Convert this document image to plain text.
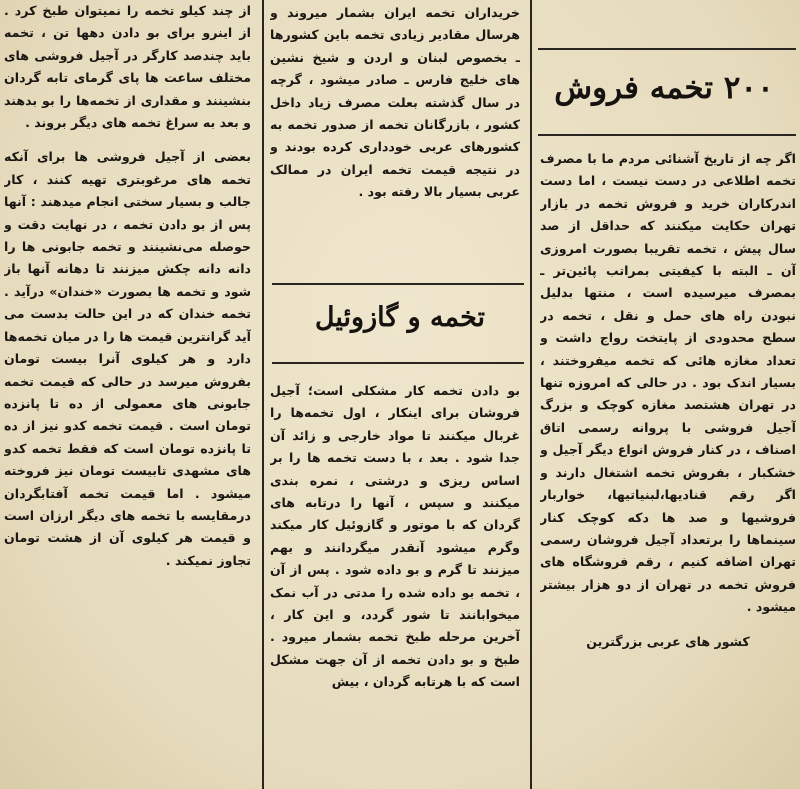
از چند کیلو تخمه را نمیتوان طبخ کرد . از اینرو برای بو دادن دهها تن ، تخمه باید چندصد کارگر در آجیل فروشی های مختلف ساعت ها پای گرمای تابه گردان بنشینند و مقداری از تخمه‌ها را بو بدهند و بعد به سراغ تخمه های دیگر بروند .

بعضی از آجیل فروشی ها برای آنکه تخمه های مرغوبتری تهیه کنند ، کار جالب و بسیار سختی انجام میدهند : آنها پس از بو دادن تخمه ، در نهایت دقت و حوصله می‌نشینند و تخمه جابونی ها را دانه دانه چکش میزنند تا دهانه آنها باز شود و تخمه ها بصورت «خندان» درآید . تخمه خندان که در این حالت بدست می آید گرانترین قیمت ها را در میان تخمه‌ها دارد و هر کیلوی آنرا بیست تومان بفروش میرسد در حالی که قیمت تخمه جابونی های معمولی از ده تا پانزده تومان است . قیمت تخمه کدو نیز از ده تا پانزده تومان است که فقط تخمه کدو های مشهدی تابیست تومان نیز فروخته میشود . اما قیمت تخمه آفتابگردان درمقایسه با تخمه های دیگر ارزان است و قیمت هر کیلوی آن از هشت تومان تجاوز نمیکند .

خریداران تخمه ایران بشمار میروند و هرسال مقادیر زیادی تخمه باین کشورها ـ بخصوص لبنان و اردن و شیخ نشین های خلیج فارس ـ صادر میشود ، گرچه در سال گذشته بعلت مصرف زیاد داخل کشور ، بازرگانان تخمه از صدور تخمه به کشورهای عربی خودداری کرده بودند و در نتیجه قیمت تخمه ایران در ممالک عربی بسیار بالا رفته بود .

تخمه و گازوئیل

بو دادن تخمه کار مشکلی است؛ آجیل فروشان برای اینکار ، اول تخمه‌ها را غربال میکنند تا مواد خارجی و زائد آن جدا شود . بعد ، با دست تخمه ها را بر اساس ریزی و درشتی ، نمره بندی میکنند و سپس ، آنها را درتابه های گردان که با موتور و گازوئیل کار میکند وگرم میشود آنقدر میگردانند و بهم میزنند تا گرم و بو داده شود . پس از آن ، تخمه بو داده شده را مدتی در آب نمک میخوابانند تا شور گردد، و این کار ، آخرین مرحله طبخ تخمه بشمار میرود . طبخ و بو دادن تخمه از آن جهت مشکل است که با هرتابه گردان ، بیش

۲۰۰ تخمه فروش

اگر چه از تاریخ آشنائی مردم ما با مصرف تخمه اطلاعی در دست نیست ، اما دست اندرکاران خرید و فروش تخمه در بازار تهران حکایت میکنند که حداقل از صد سال پیش ، تخمه تقریبا بصورت امروزی آن ـ البته با کیفیتی بمراتب پائین‌تر ـ بمصرف میرسیده است ، منتها بدلیل نبودن راه های حمل و نقل ، تخمه در سطح محدودی از پایتخت رواج داشت و تعداد مغازه هائی که تخمه میفروختند ، بسیار اندک بود . در حالی که امروزه تنها در تهران هشتصد مغازه کوچک و بزرگ آجیل فروشی با پروانه رسمی اتاق اصناف ، در کنار فروش انواع دیگر آجیل و خشکبار ، بفروش تخمه اشتغال دارند و اگر رقم قنادیها،لبنیاتیها، خواربار فروشیها و صد ها دکه کوچک کنار سینماها را برتعداد آجیل فروشان رسمی تهران اضافه کنیم ، رقم فروشگاه های فروش تخمه در تهران از دو هزار بیشتر میشود .

کشور های عربی بزرگترین
